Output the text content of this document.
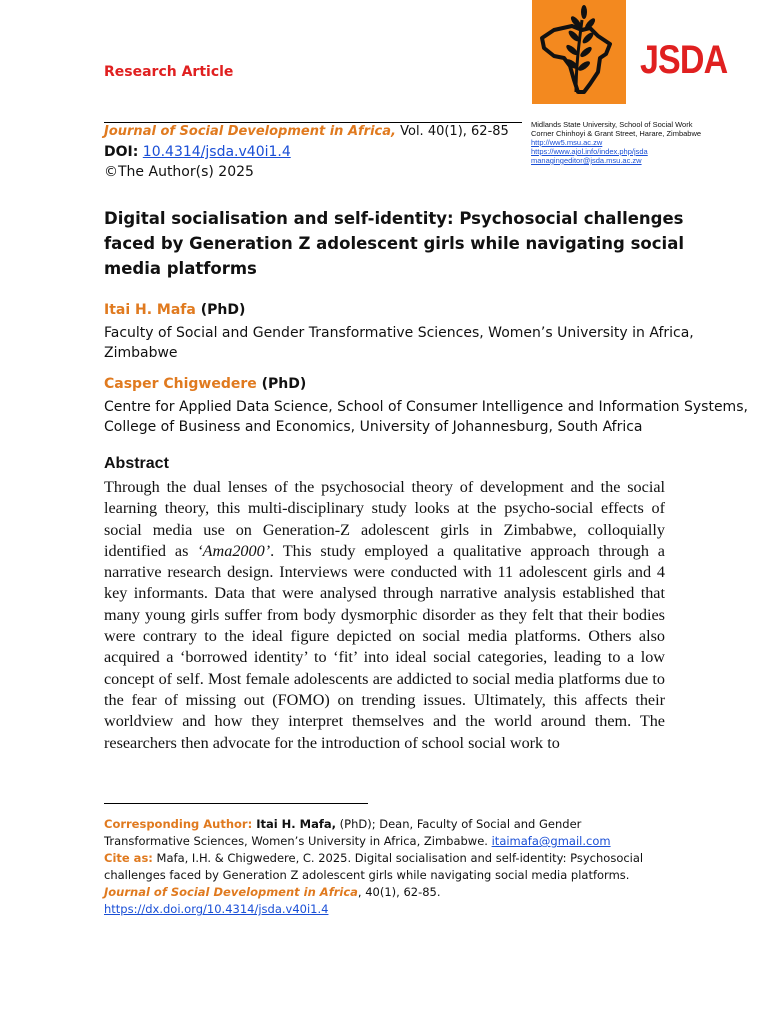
Research Article	JSDA
Midlands State University, School of Social Work
Corner Chinhoyi & Grant Street, Harare, Zimbabwe
http://ww5.msu.ac.zw
https://www.ajol.info/index.php/jsda
managingeditor@jsda.msu.ac.zw
Journal of Social Development in Africa, Vol. 40(1), 62-85
DOI: 10.4314/jsda.v40i1.4
©The Author(s) 2025
Digital socialisation and self-identity: Psychosocial challenges faced by Generation Z adolescent girls while navigating social media platforms
Itai H. Mafa (PhD)
Faculty of Social and Gender Transformative Sciences, Women’s University in Africa, Zimbabwe
Casper Chigwedere (PhD)
Centre for Applied Data Science, School of Consumer Intelligence and Information Systems, College of Business and Economics, University of Johannesburg, South Africa
Abstract
Through the dual lenses of the psychosocial theory of development and the social learning theory, this multi-disciplinary study looks at the psycho-social effects of social media use on Generation-Z adolescent girls in Zimbabwe, colloquially identified as ‘Ama2000’. This study employed a qualitative approach through a narrative research design. Interviews were conducted with 11 adolescent girls and 4 key informants. Data that were analysed through narrative analysis established that many young girls suffer from body dysmorphic disorder as they felt that their bodies were contrary to the ideal figure depicted on social media platforms. Others also acquired a ‘borrowed identity’ to ‘fit’ into ideal social categories, leading to a low concept of self. Most female adolescents are addicted to social media platforms due to the fear of missing out (FOMO) on trending issues. Ultimately, this affects their worldview and how they interpret themselves and the world around them. The researchers then advocate for the introduction of school social work to
Corresponding Author: Itai H. Mafa, (PhD); Dean, Faculty of Social and Gender Transformative Sciences, Women’s University in Africa, Zimbabwe. itaimafa@gmail.com
Cite as: Mafa, I.H. & Chigwedere, C. 2025. Digital socialisation and self-identity: Psychosocial challenges faced by Generation Z adolescent girls while navigating social media platforms. Journal of Social Development in Africa, 40(1), 62-85. https://dx.doi.org/10.4314/jsda.v40i1.4
